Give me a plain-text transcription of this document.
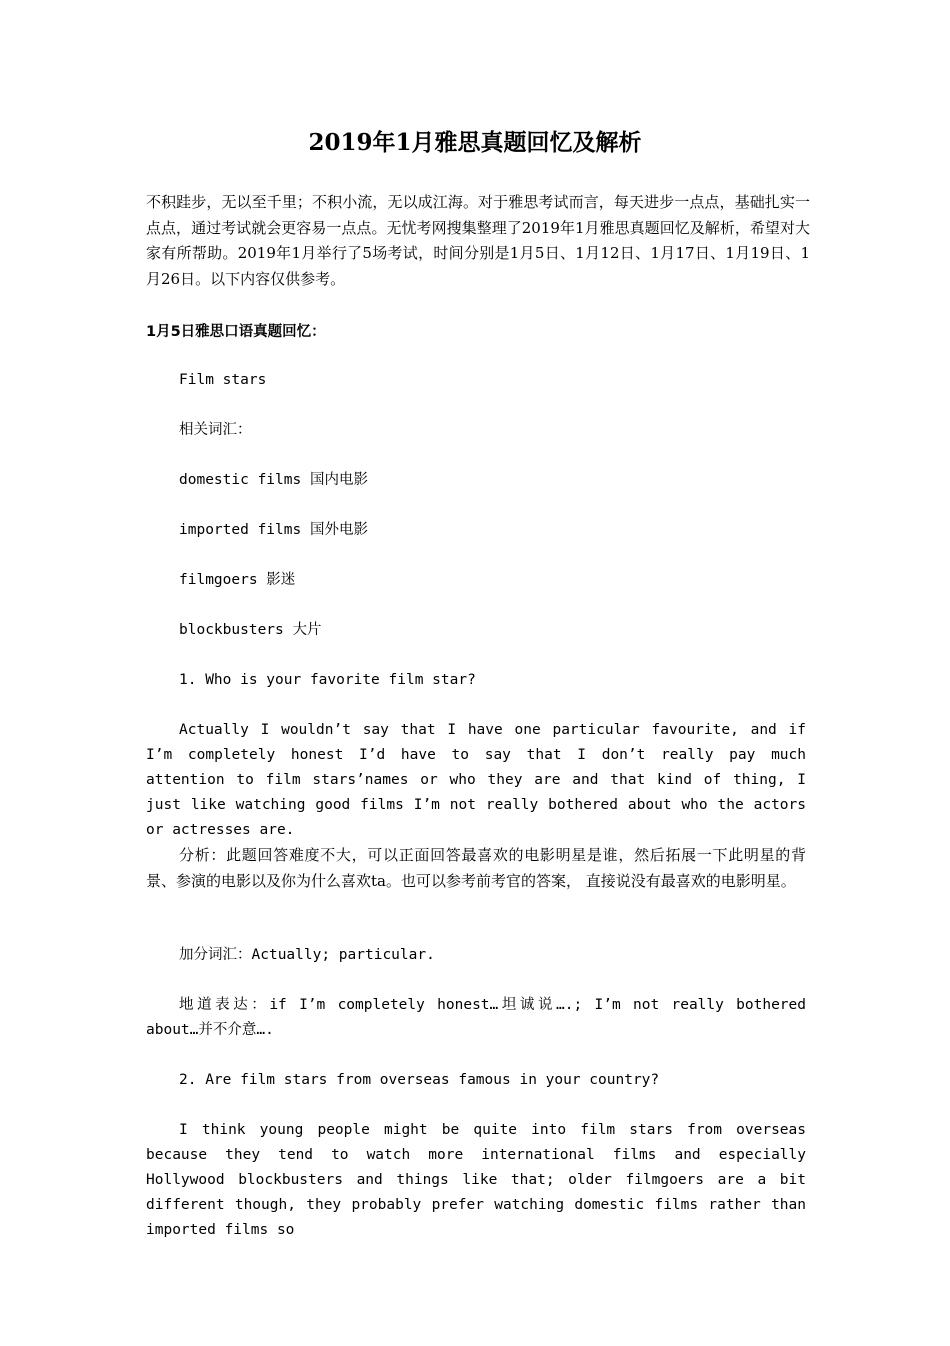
2019年1月雅思真题回忆及解析

不积跬步，无以至千里；不积小流，无以成江海。对于雅思考试而言，每天进步一点点，基础扎实一点点，通过考试就会更容易一点点。无忧考网搜集整理了2019年1月雅思真题回忆及解析，希望对大家有所帮助。2019年1月举行了5场考试，时间分别是1月5日、1月12日、1月17日、1月19日、1月26日。以下内容仅供参考。

1月5日雅思口语真题回忆：
Film stars
相关词汇：
domestic films 国内电影
imported films 国外电影
filmgoers 影迷
blockbusters 大片
1. Who is your favorite film star?

Actually I wouldn’t say that I have one particular favourite, and if I’m completely honest I’d have to say that I don’t really pay much attention to film stars’names or who they are and that kind of thing, I just like watching good films I’m not really bothered about who the actors or actresses are.

分析：此题回答难度不大，可以正面回答最喜欢的电影明星是谁，然后拓展一下此明星的背景、参演的电影以及你为什么喜欢ta。也可以参考前考官的答案， 直接说没有最喜欢的电影明星。

加分词汇：Actually; particular.

地道表达：if I’m completely honest…坦诚说….; I’m not really bothered about…并不介意….

2. Are film stars from overseas famous in your country?

I think young people might be quite into film stars from overseas because they tend to watch more international films and especially Hollywood blockbusters and things like that; older filmgoers are a bit different though, they probably prefer watching domestic films rather than imported films so
